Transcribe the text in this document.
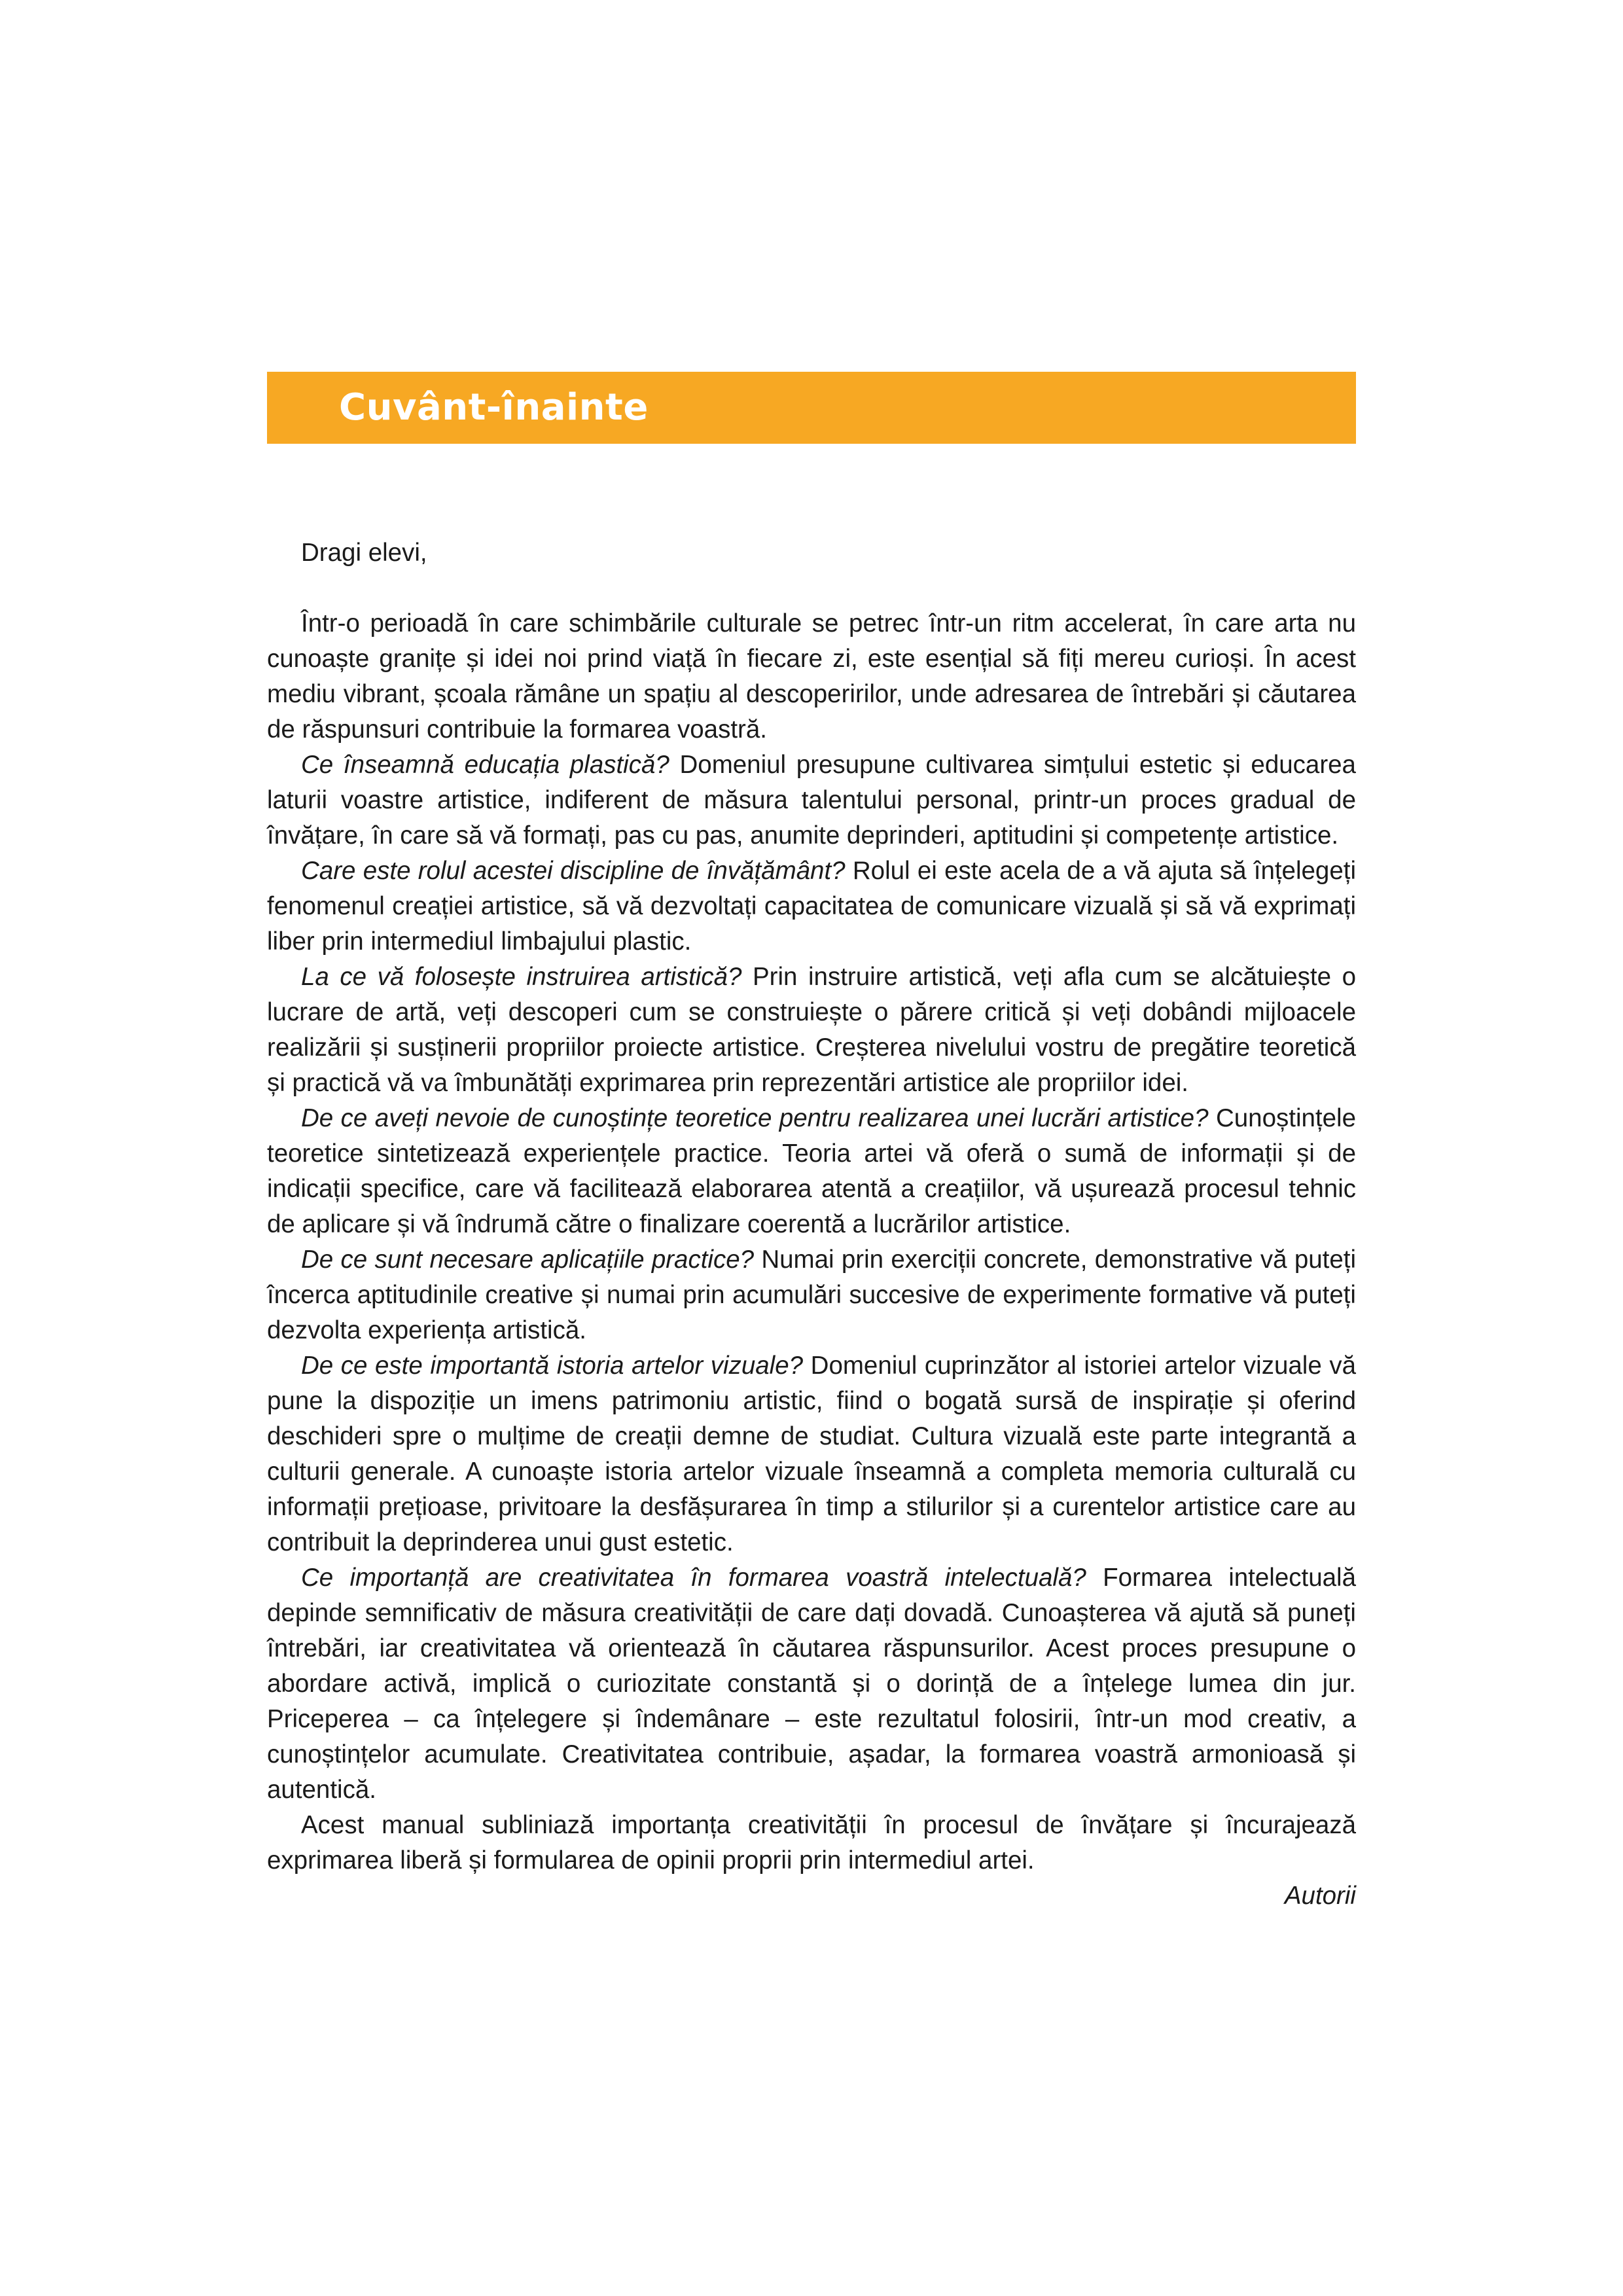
Cuvânt-înainte

Dragi elevi,

Într-o perioadă în care schimbările culturale se petrec într-un ritm accelerat, în care arta nu cunoaște granițe și idei noi prind viață în fiecare zi, este esențial să fiți mereu curioși. În acest mediu vibrant, școala rămâne un spațiu al descoperirilor, unde adresarea de întrebări și căutarea de răspunsuri contribuie la formarea voastră.

Ce înseamnă educația plastică? Domeniul presupune cultivarea simțului estetic și educarea laturii voastre artistice, indiferent de măsura talentului personal, printr-un proces gradual de învățare, în care să vă formați, pas cu pas, anumite deprinderi, aptitudini și competențe artistice.

Care este rolul acestei discipline de învățământ? Rolul ei este acela de a vă ajuta să înțelegeți fenomenul creației artistice, să vă dezvoltați capacitatea de comunicare vizuală și să vă exprimați liber prin intermediul limbajului plastic.

La ce vă folosește instruirea artistică? Prin instruire artistică, veți afla cum se alcătuiește o lucrare de artă, veți descoperi cum se construiește o părere critică și veți dobândi mijloacele realizării și susținerii propriilor proiecte artistice. Creșterea nivelului vostru de pregătire teoretică și practică vă va îmbunătăți exprimarea prin reprezentări artistice ale propriilor idei.

De ce aveți nevoie de cunoștințe teoretice pentru realizarea unei lucrări artistice? Cunoștințele teoretice sintetizează experiențele practice. Teoria artei vă oferă o sumă de informații și de indicații specifice, care vă facilitează elaborarea atentă a creațiilor, vă ușurează procesul tehnic de aplicare și vă îndrumă către o finalizare coerentă a lucrărilor artistice.

De ce sunt necesare aplicațiile practice? Numai prin exerciții concrete, demonstrative vă puteți încerca aptitudinile creative și numai prin acumulări succesive de experimente formative vă puteți dezvolta experiența artistică.

De ce este importantă istoria artelor vizuale? Domeniul cuprinzător al istoriei artelor vizuale vă pune la dispoziție un imens patrimoniu artistic, fiind o bogată sursă de inspirație și oferind deschideri spre o mulțime de creații demne de studiat. Cultura vizuală este parte integrantă a culturii generale. A cunoaște istoria artelor vizuale înseamnă a completa memoria culturală cu informații prețioase, privitoare la desfășurarea în timp a stilurilor și a curentelor artistice care au contribuit la deprinderea unui gust estetic.

Ce importanță are creativitatea în formarea voastră intelectuală? Formarea intelectuală depinde semnificativ de măsura creativității de care dați dovadă. Cunoașterea vă ajută să puneți întrebări, iar creativitatea vă orientează în căutarea răspunsurilor. Acest proces presupune o abordare activă, implică o curiozitate constantă și o dorință de a înțelege lumea din jur. Priceperea – ca înțelegere și îndemânare – este rezultatul folosirii, într-un mod creativ, a cunoștințelor acumulate. Creativitatea contribuie, așadar, la formarea voastră armonioasă și autentică.

Acest manual subliniază importanța creativității în procesul de învățare și încurajează exprimarea liberă și formularea de opinii proprii prin intermediul artei.

Autorii
